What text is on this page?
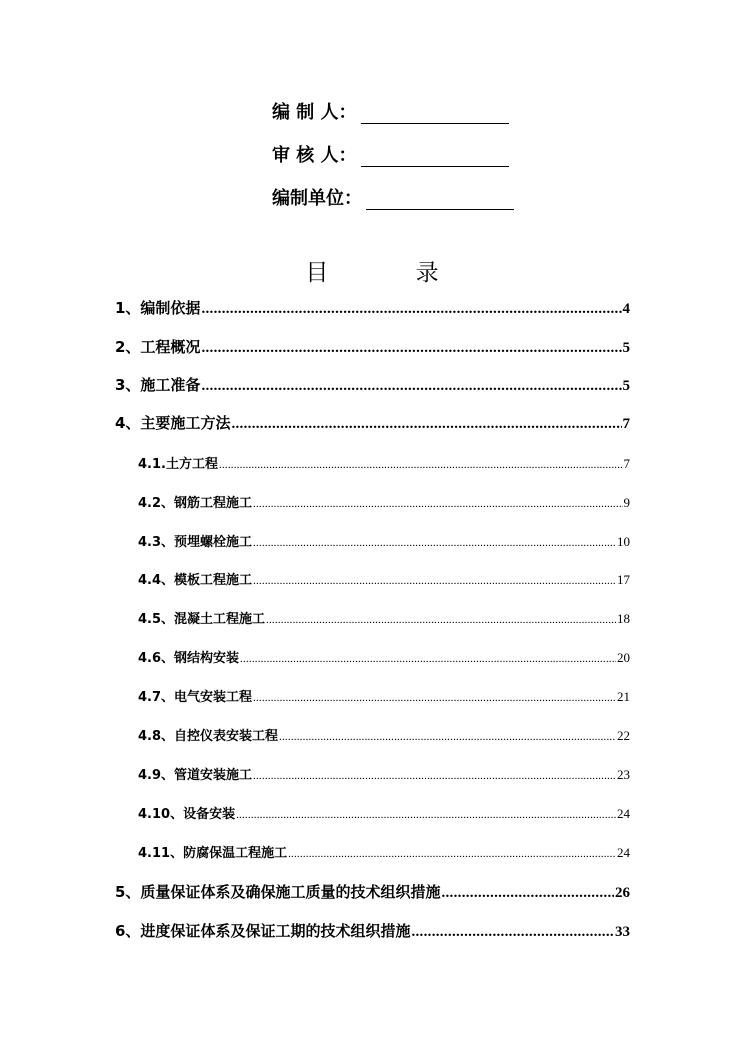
编 制 人：
审 核 人：
编制单位：
目 录
1、编制依据 .....	4
2、工程概况 .....	5
3、施工准备 .....	5
4、主要施工方法 .....	7
4.1.土方工程 .....	7
4.2、钢筋工程施工 .....	9
4.3、预埋螺栓施工 .....	10
4.4、模板工程施工 .....	17
4.5、混凝土工程施工 .....	18
4.6、钢结构安装 .....	20
4.7、电气安装工程 .....	21
4.8、自控仪表安装工程 .....	22
4.9、管道安装施工 .....	23
4.10、设备安装 .....	24
4.11、防腐保温工程施工 .....	24
5、质量保证体系及确保施工质量的技术组织措施 .....	26
6、进度保证体系及保证工期的技术组织措施 .....	33
